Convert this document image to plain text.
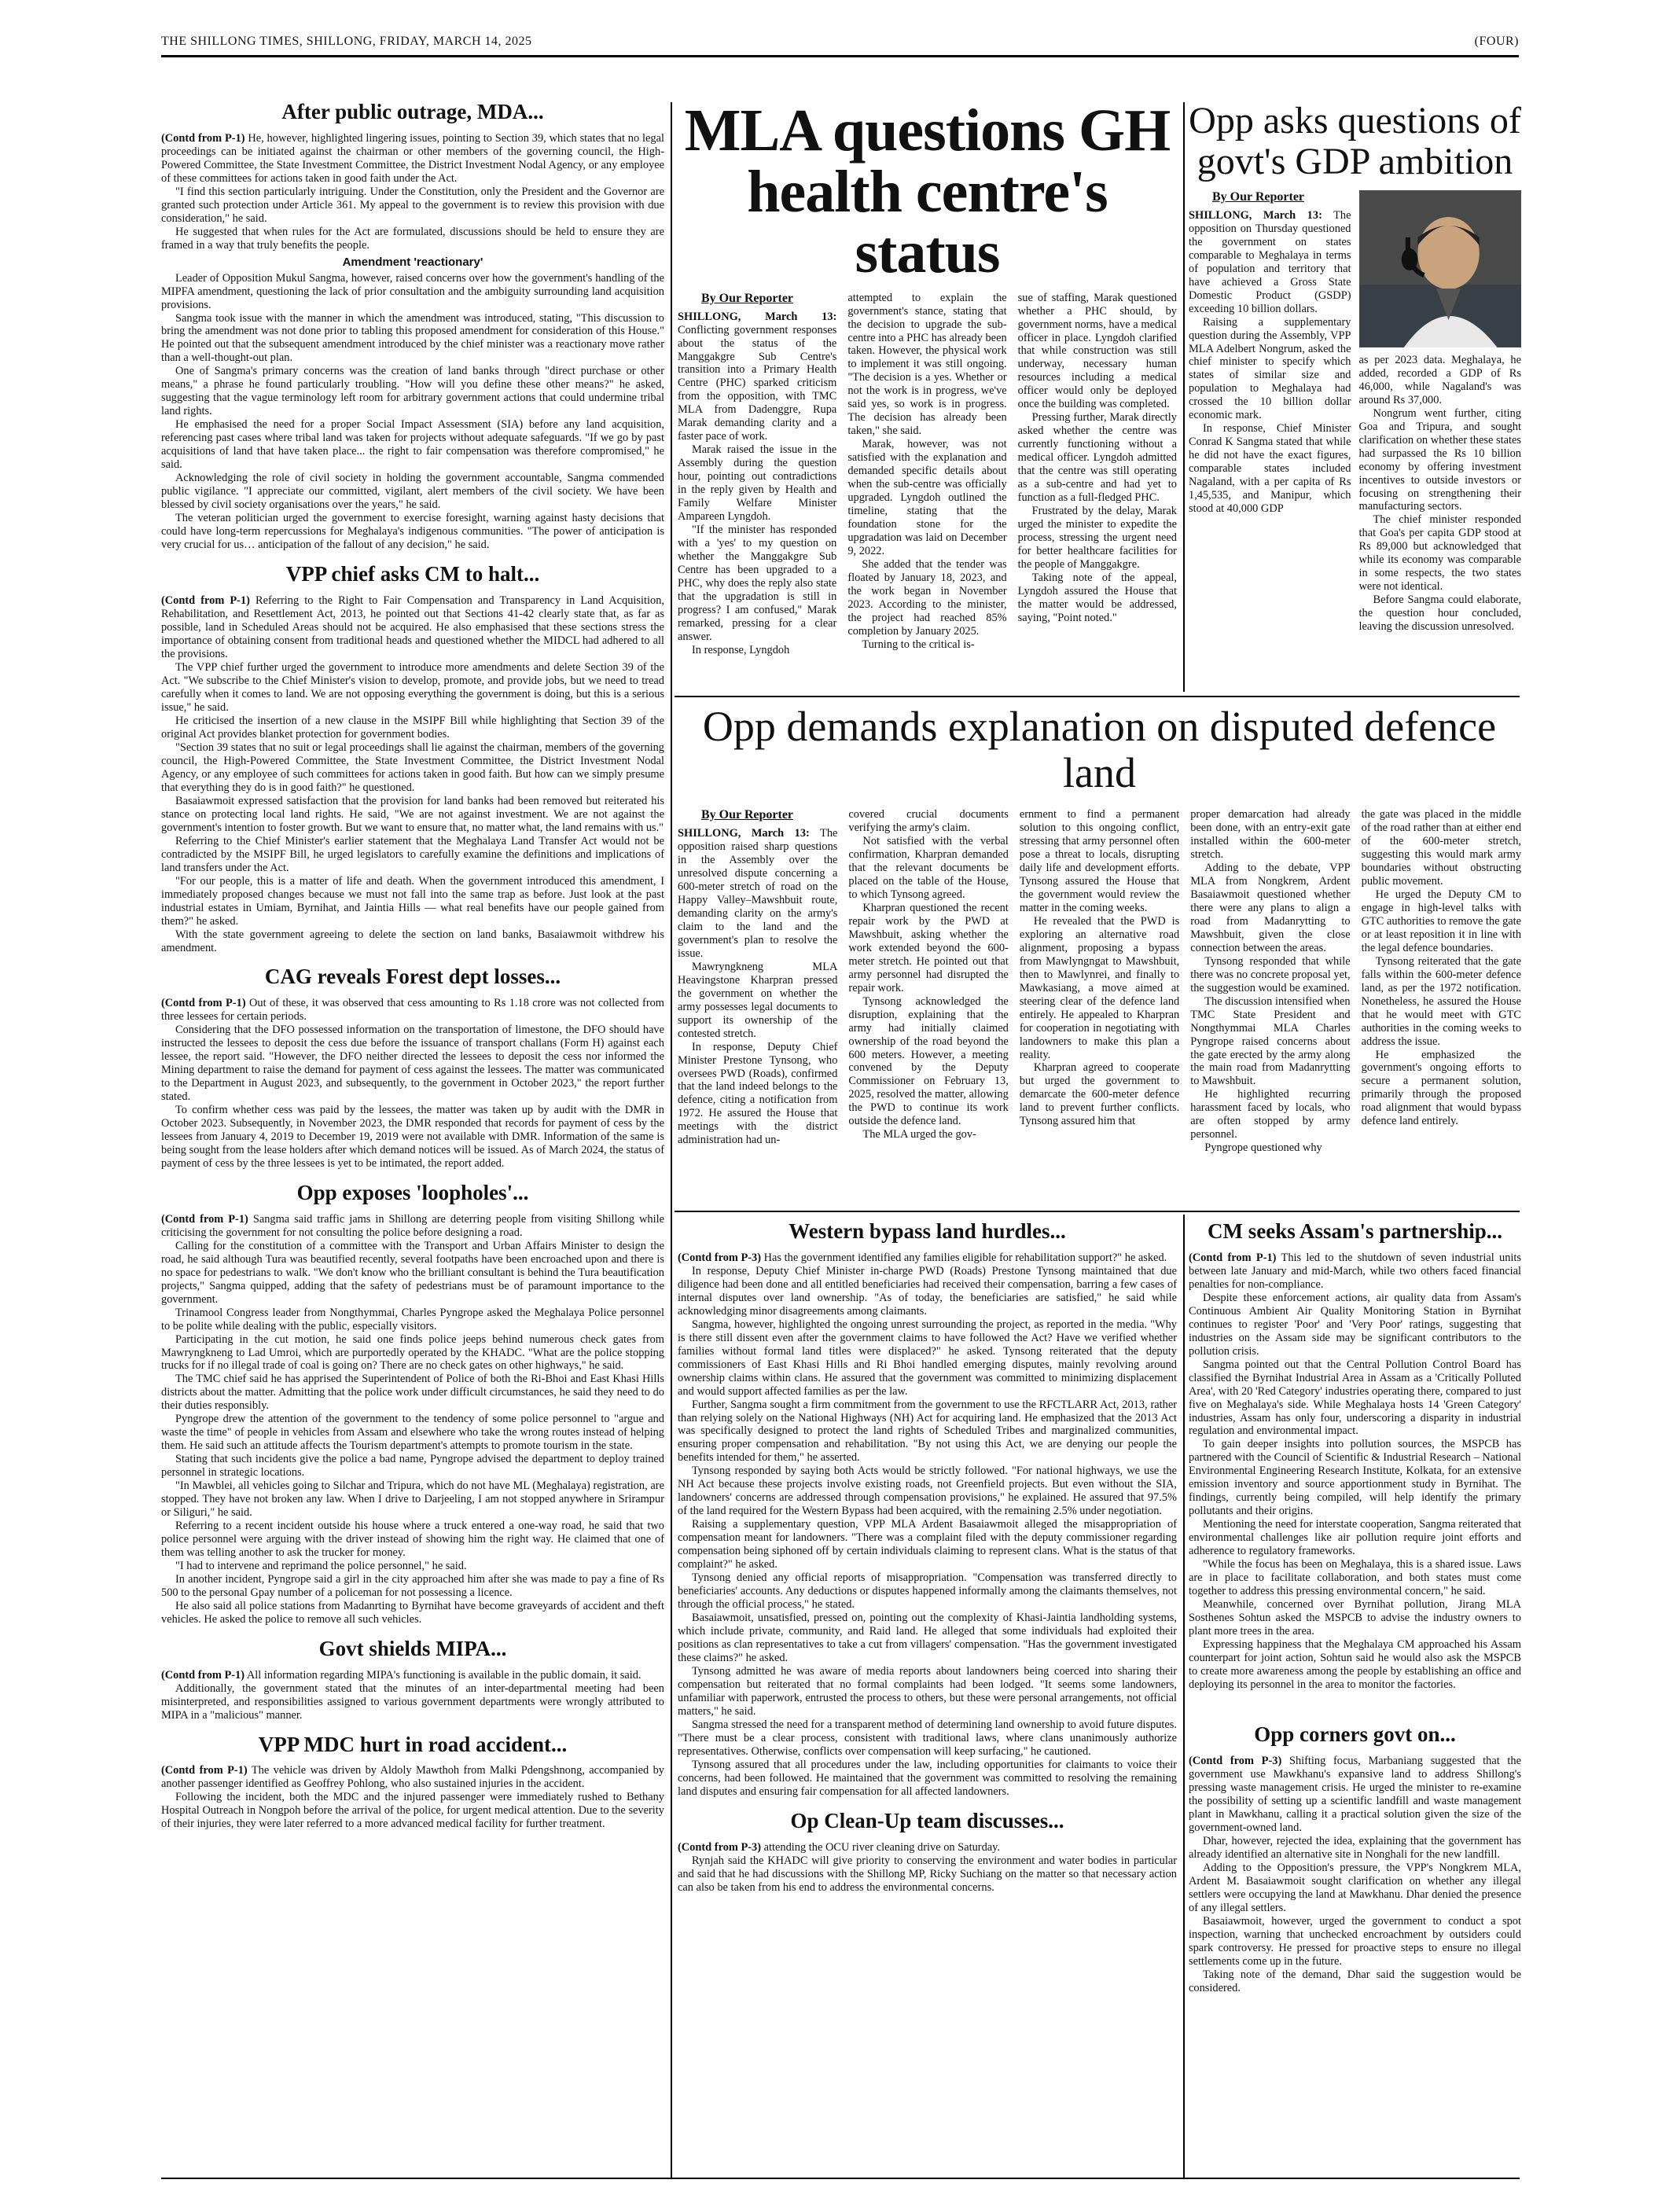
THE SHILLONG TIMES, SHILLONG, FRIDAY, MARCH 14, 2025	(FOUR)
After public outrage, MDA...

(Contd from P-1) He, however, highlighted lingering issues, pointing to Section 39, which states that no legal proceedings can be initiated against the chairman or other members of the governing council, the High-Powered Committee, the State Investment Committee, the District Investment Nodal Agency, or any employee of these committees for actions taken in good faith under the Act.

"I find this section particularly intriguing. Under the Constitution, only the President and the Governor are granted such protection under Article 361. My appeal to the government is to review this provision with due consideration," he said.

He suggested that when rules for the Act are formulated, discussions should be held to ensure they are framed in a way that truly benefits the people.

Amendment 'reactionary'

Leader of Opposition Mukul Sangma, however, raised concerns over how the government's handling of the MIPFA amendment, questioning the lack of prior consultation and the ambiguity surrounding land acquisition provisions.

Sangma took issue with the manner in which the amendment was introduced, stating, "This discussion to bring the amendment was not done prior to tabling this proposed amendment for consideration of this House." He pointed out that the subsequent amendment introduced by the chief minister was a reactionary move rather than a well-thought-out plan.

One of Sangma's primary concerns was the creation of land banks through "direct purchase or other means," a phrase he found particularly troubling. "How will you define these other means?" he asked, suggesting that the vague terminology left room for arbitrary government actions that could undermine tribal land rights.

He emphasised the need for a proper Social Impact Assessment (SIA) before any land acquisition, referencing past cases where tribal land was taken for projects without adequate safeguards. "If we go by past acquisitions of land that have taken place... the right to fair compensation was therefore compromised," he said.

Acknowledging the role of civil society in holding the government accountable, Sangma commended public vigilance. "I appreciate our committed, vigilant, alert members of the civil society. We have been blessed by civil society organisations over the years," he said.

The veteran politician urged the government to exercise foresight, warning against hasty decisions that could have long-term repercussions for Meghalaya's indigenous communities. "The power of anticipation is very crucial for us… anticipation of the fallout of any decision," he said.

VPP chief asks CM to halt...

(Contd from P-1) Referring to the Right to Fair Compensation and Transparency in Land Acquisition, Rehabilitation, and Resettlement Act, 2013, he pointed out that Sections 41-42 clearly state that, as far as possible, land in Scheduled Areas should not be acquired. He also emphasised that these sections stress the importance of obtaining consent from traditional heads and questioned whether the MIDCL had adhered to all the provisions.

The VPP chief further urged the government to introduce more amendments and delete Section 39 of the Act. "We subscribe to the Chief Minister's vision to develop, promote, and provide jobs, but we need to tread carefully when it comes to land. We are not opposing everything the government is doing, but this is a serious issue," he said.

He criticised the insertion of a new clause in the MSIPF Bill while highlighting that Section 39 of the original Act provides blanket protection for government bodies.

"Section 39 states that no suit or legal proceedings shall lie against the chairman, members of the governing council, the High-Powered Committee, the State Investment Committee, the District Investment Nodal Agency, or any employee of such committees for actions taken in good faith. But how can we simply presume that everything they do is in good faith?" he questioned.

Basaiawmoit expressed satisfaction that the provision for land banks had been removed but reiterated his stance on protecting local land rights. He said, "We are not against investment. We are not against the government's intention to foster growth. But we want to ensure that, no matter what, the land remains with us."

Referring to the Chief Minister's earlier statement that the Meghalaya Land Transfer Act would not be contradicted by the MSIPF Bill, he urged legislators to carefully examine the definitions and implications of land transfers under the Act.

"For our people, this is a matter of life and death. When the government introduced this amendment, I immediately proposed changes because we must not fall into the same trap as before. Just look at the past industrial estates in Umiam, Byrnihat, and Jaintia Hills — what real benefits have our people gained from them?" he asked.

With the state government agreeing to delete the section on land banks, Basaiawmoit withdrew his amendment.

CAG reveals Forest dept losses...

(Contd from P-1) Out of these, it was observed that cess amounting to Rs 1.18 crore was not collected from three lessees for certain periods.

Considering that the DFO possessed information on the transportation of limestone, the DFO should have instructed the lessees to deposit the cess due before the issuance of transport challans (Form H) against each lessee, the report said. "However, the DFO neither directed the lessees to deposit the cess nor informed the Mining department to raise the demand for payment of cess against the lessees. The matter was communicated to the Department in August 2023, and subsequently, to the government in October 2023," the report further stated.

To confirm whether cess was paid by the lessees, the matter was taken up by audit with the DMR in October 2023. Subsequently, in November 2023, the DMR responded that records for payment of cess by the lessees from January 4, 2019 to December 19, 2019 were not available with DMR. Information of the same is being sought from the lease holders after which demand notices will be issued. As of March 2024, the status of payment of cess by the three lessees is yet to be intimated, the report added.

Opp exposes 'loopholes'...

(Contd from P-1) Sangma said traffic jams in Shillong are deterring people from visiting Shillong while criticising the government for not consulting the police before designing a road.

Calling for the constitution of a committee with the Transport and Urban Affairs Minister to design the road, he said although Tura was beautified recently, several footpaths have been encroached upon and there is no space for pedestrians to walk. "We don't know who the brilliant consultant is behind the Tura beautification projects," Sangma quipped, adding that the safety of pedestrians must be of paramount importance to the government.

Trinamool Congress leader from Nongthymmai, Charles Pyngrope asked the Meghalaya Police personnel to be polite while dealing with the public, especially visitors.

Participating in the cut motion, he said one finds police jeeps behind numerous check gates from Mawryngkneng to Lad Umroi, which are purportedly operated by the KHADC. "What are the police stopping trucks for if no illegal trade of coal is going on? There are no check gates on other highways," he said.

The TMC chief said he has apprised the Superintendent of Police of both the Ri-Bhoi and East Khasi Hills districts about the matter. Admitting that the police work under difficult circumstances, he said they need to do their duties responsibly.

Pyngrope drew the attention of the government to the tendency of some police personnel to "argue and waste the time" of people in vehicles from Assam and elsewhere who take the wrong routes instead of helping them. He said such an attitude affects the Tourism department's attempts to promote tourism in the state.

Stating that such incidents give the police a bad name, Pyngrope advised the department to deploy trained personnel in strategic locations.

"In Mawblei, all vehicles going to Silchar and Tripura, which do not have ML (Meghalaya) registration, are stopped. They have not broken any law. When I drive to Darjeeling, I am not stopped anywhere in Srirampur or Siliguri," he said.

Referring to a recent incident outside his house where a truck entered a one-way road, he said that two police personnel were arguing with the driver instead of showing him the right way. He claimed that one of them was telling another to ask the trucker for money.

"I had to intervene and reprimand the police personnel," he said.

In another incident, Pyngrope said a girl in the city approached him after she was made to pay a fine of Rs 500 to the personal Gpay number of a policeman for not possessing a licence.

He also said all police stations from Madanrting to Byrnihat have become graveyards of accident and theft vehicles. He asked the police to remove all such vehicles.

Govt shields MIPA...

(Contd from P-1) All information regarding MIPA's functioning is available in the public domain, it said.

Additionally, the government stated that the minutes of an inter-departmental meeting had been misinterpreted, and responsibilities assigned to various government departments were wrongly attributed to MIPA in a "malicious" manner.

VPP MDC hurt in road accident...

(Contd from P-1) The vehicle was driven by Aldoly Mawthoh from Malki Pdengshnong, accompanied by another passenger identified as Geoffrey Pohlong, who also sustained injuries in the accident.

Following the incident, both the MDC and the injured passenger were immediately rushed to Bethany Hospital Outreach in Nongpoh before the arrival of the police, for urgent medical attention. Due to the severity of their injuries, they were later referred to a more advanced medical facility for further treatment.

MLA questions GH health centre's status
By Our Reporter

SHILLONG, March 13: Conflicting government responses about the status of the Manggakgre Sub Centre's transition into a Primary Health Centre (PHC) sparked criticism from the opposition, with TMC MLA from Dadenggre, Rupa Marak demanding clarity and a faster pace of work.

Marak raised the issue in the Assembly during the question hour, pointing out contradictions in the reply given by Health and Family Welfare Minister Ampareen Lyngdoh.

"If the minister has responded with a 'yes' to my question on whether the Manggakgre Sub Centre has been upgraded to a PHC, why does the reply also state that the upgradation is still in progress? I am confused," Marak remarked, pressing for a clear answer.

In response, Lyngdoh

attempted to explain the government's stance, stating that the decision to upgrade the sub-centre into a PHC has already been taken. However, the physical work to implement it was still ongoing. "The decision is a yes. Whether or not the work is in progress, we've said yes, so work is in progress. The decision has already been taken," she said.

Marak, however, was not satisfied with the explanation and demanded specific details about when the sub-centre was officially upgraded. Lyngdoh outlined the timeline, stating that the foundation stone for the upgradation was laid on December 9, 2022.

She added that the tender was floated by January 18, 2023, and the work began in November 2023. According to the minister, the project had reached 85% completion by January 2025.

Turning to the critical is-

sue of staffing, Marak questioned whether a PHC should, by government norms, have a medical officer in place. Lyngdoh clarified that while construction was still underway, necessary human resources including a medical officer would only be deployed once the building was completed.

Pressing further, Marak directly asked whether the centre was currently functioning without a medical officer. Lyngdoh admitted that the centre was still operating as a sub-centre and had yet to function as a full-fledged PHC.

Frustrated by the delay, Marak urged the minister to expedite the process, stressing the urgent need for better healthcare facilities for the people of Manggakgre.

Taking note of the appeal, Lyngdoh assured the House that the matter would be addressed, saying, "Point noted."

Opp asks questions of govt's GDP ambition
By Our Reporter

SHILLONG, March 13: The opposition on Thursday questioned the government on states comparable to Meghalaya in terms of population and territory that have achieved a Gross State Domestic Product (GSDP) exceeding 10 billion dollars.

Raising a supplementary question during the Assembly, VPP MLA Adelbert Nongrum, asked the chief minister to specify which states of similar size and population to Meghalaya had crossed the 10 billion dollar economic mark.

In response, Chief Minister Conrad K Sangma stated that while he did not have the exact figures, comparable states included Nagaland, with a per capita of Rs 1,45,535, and Manipur, which stood at 40,000 GDP

as per 2023 data. Meghalaya, he added, recorded a GDP of Rs 46,000, while Nagaland's was around Rs 37,000.

Nongrum went further, citing Goa and Tripura, and sought clarification on whether these states had surpassed the Rs 10 billion economy by offering investment incentives to outside investors or focusing on strengthening their manufacturing sectors.

The chief minister responded that Goa's per capita GDP stood at Rs 89,000 but acknowledged that while its economy was comparable in some respects, the two states were not identical.

Before Sangma could elaborate, the question hour concluded, leaving the discussion unresolved.

Opp demands explanation on disputed defence land
By Our Reporter

SHILLONG, March 13: The opposition raised sharp questions in the Assembly over the unresolved dispute concerning a 600-meter stretch of road on the Happy Valley–Mawshbuit route, demanding clarity on the army's claim to the land and the government's plan to resolve the issue.

Mawryngkneng MLA Heavingstone Kharpran pressed the government on whether the army possesses legal documents to support its ownership of the contested stretch.

In response, Deputy Chief Minister Prestone Tynsong, who oversees PWD (Roads), confirmed that the land indeed belongs to the defence, citing a notification from 1972. He assured the House that meetings with the district administration had un-

covered crucial documents verifying the army's claim.

Not satisfied with the verbal confirmation, Kharpran demanded that the relevant documents be placed on the table of the House, to which Tynsong agreed.

Kharpran questioned the recent repair work by the PWD at Mawshbuit, asking whether the work extended beyond the 600-meter stretch. He pointed out that army personnel had disrupted the repair work.

Tynsong acknowledged the disruption, explaining that the army had initially claimed ownership of the road beyond the 600 meters. However, a meeting convened by the Deputy Commissioner on February 13, 2025, resolved the matter, allowing the PWD to continue its work outside the defence land.

The MLA urged the gov-

ernment to find a permanent solution to this ongoing conflict, stressing that army personnel often pose a threat to locals, disrupting daily life and development efforts. Tynsong assured the House that the government would review the matter in the coming weeks.

He revealed that the PWD is exploring an alternative road alignment, proposing a bypass from Mawlyngngat to Mawshbuit, then to Mawlynrei, and finally to Mawkasiang, a move aimed at steering clear of the defence land entirely. He appealed to Kharpran for cooperation in negotiating with landowners to make this plan a reality.

Kharpran agreed to cooperate but urged the government to demarcate the 600-meter defence land to prevent further conflicts. Tynsong assured him that

proper demarcation had already been done, with an entry-exit gate installed within the 600-meter stretch.

Adding to the debate, VPP MLA from Nongkrem, Ardent Basaiawmoit questioned whether there were any plans to align a road from Madanrytting to Mawshbuit, given the close connection between the areas.

Tynsong responded that while there was no concrete proposal yet, the suggestion would be examined.

The discussion intensified when TMC State President and Nongthymmai MLA Charles Pyngrope raised concerns about the gate erected by the army along the main road from Madanrytting to Mawshbuit.

He highlighted recurring harassment faced by locals, who are often stopped by army personnel.

Pyngrope questioned why

the gate was placed in the middle of the road rather than at either end of the 600-meter stretch, suggesting this would mark army boundaries without obstructing public movement.

He urged the Deputy CM to engage in high-level talks with GTC authorities to remove the gate or at least reposition it in line with the legal defence boundaries.

Tynsong reiterated that the gate falls within the 600-meter defence land, as per the 1972 notification. Nonetheless, he assured the House that he would meet with GTC authorities in the coming weeks to address the issue.

He emphasized the government's ongoing efforts to secure a permanent solution, primarily through the proposed road alignment that would bypass defence land entirely.

Western bypass land hurdles...

(Contd from P-3) Has the government identified any families eligible for rehabilitation support?" he asked.

In response, Deputy Chief Minister in-charge PWD (Roads) Prestone Tynsong maintained that due diligence had been done and all entitled beneficiaries had received their compensation, barring a few cases of internal disputes over land ownership. "As of today, the beneficiaries are satisfied," he said while acknowledging minor disagreements among claimants.

Sangma, however, highlighted the ongoing unrest surrounding the project, as reported in the media. "Why is there still dissent even after the government claims to have followed the Act? Have we verified whether families without formal land titles were displaced?" he asked. Tynsong reiterated that the deputy commissioners of East Khasi Hills and Ri Bhoi handled emerging disputes, mainly revolving around ownership claims within clans. He assured that the government was committed to minimizing displacement and would support affected families as per the law.

Further, Sangma sought a firm commitment from the government to use the RFCTLARR Act, 2013, rather than relying solely on the National Highways (NH) Act for acquiring land. He emphasized that the 2013 Act was specifically designed to protect the land rights of Scheduled Tribes and marginalized communities, ensuring proper compensation and rehabilitation. "By not using this Act, we are denying our people the benefits intended for them," he asserted.

Tynsong responded by saying both Acts would be strictly followed. "For national highways, we use the NH Act because these projects involve existing roads, not Greenfield projects. But even without the SIA, landowners' concerns are addressed through compensation provisions," he explained. He assured that 97.5% of the land required for the Western Bypass had been acquired, with the remaining 2.5% under negotiation.

Raising a supplementary question, VPP MLA Ardent Basaiawmoit alleged the misappropriation of compensation meant for landowners. "There was a complaint filed with the deputy commissioner regarding compensation being siphoned off by certain individuals claiming to represent clans. What is the status of that complaint?" he asked.

Tynsong denied any official reports of misappropriation. "Compensation was transferred directly to beneficiaries' accounts. Any deductions or disputes happened informally among the claimants themselves, not through the official process," he stated.

Basaiawmoit, unsatisfied, pressed on, pointing out the complexity of Khasi-Jaintia landholding systems, which include private, community, and Raid land. He alleged that some individuals had exploited their positions as clan representatives to take a cut from villagers' compensation. "Has the government investigated these claims?" he asked.

Tynsong admitted he was aware of media reports about landowners being coerced into sharing their compensation but reiterated that no formal complaints had been lodged. "It seems some landowners, unfamiliar with paperwork, entrusted the process to others, but these were personal arrangements, not official matters," he said.

Sangma stressed the need for a transparent method of determining land ownership to avoid future disputes. "There must be a clear process, consistent with traditional laws, where clans unanimously authorize representatives. Otherwise, conflicts over compensation will keep surfacing," he cautioned.

Tynsong assured that all procedures under the law, including opportunities for claimants to voice their concerns, had been followed. He maintained that the government was committed to resolving the remaining land disputes and ensuring fair compensation for all affected landowners.

Op Clean-Up team discusses...

(Contd from P-3) attending the OCU river cleaning drive on Saturday.

Rynjah said the KHADC will give priority to conserving the environment and water bodies in particular and said that he had discussions with the Shillong MP, Ricky Suchiang on the matter so that necessary action can also be taken from his end to address the environmental concerns.

CM seeks Assam's partnership...

(Contd from P-1) This led to the shutdown of seven industrial units between late January and mid-March, while two others faced financial penalties for non-compliance.

Despite these enforcement actions, air quality data from Assam's Continuous Ambient Air Quality Monitoring Station in Byrnihat continues to register 'Poor' and 'Very Poor' ratings, suggesting that industries on the Assam side may be significant contributors to the pollution crisis.

Sangma pointed out that the Central Pollution Control Board has classified the Byrnihat Industrial Area in Assam as a 'Critically Polluted Area', with 20 'Red Category' industries operating there, compared to just five on Meghalaya's side. While Meghalaya hosts 14 'Green Category' industries, Assam has only four, underscoring a disparity in industrial regulation and environmental impact.

To gain deeper insights into pollution sources, the MSPCB has partnered with the Council of Scientific & Industrial Research – National Environmental Engineering Research Institute, Kolkata, for an extensive emission inventory and source apportionment study in Byrnihat. The findings, currently being compiled, will help identify the primary pollutants and their origins.

Mentioning the need for interstate cooperation, Sangma reiterated that environmental challenges like air pollution require joint efforts and adherence to regulatory frameworks.

"While the focus has been on Meghalaya, this is a shared issue. Laws are in place to facilitate collaboration, and both states must come together to address this pressing environmental concern," he said.

Meanwhile, concerned over Byrnihat pollution, Jirang MLA Sosthenes Sohtun asked the MSPCB to advise the industry owners to plant more trees in the area.

Expressing happiness that the Meghalaya CM approached his Assam counterpart for joint action, Sohtun said he would also ask the MSPCB to create more awareness among the people by establishing an office and deploying its personnel in the area to monitor the factories.

Opp corners govt on...

(Contd from P-3) Shifting focus, Marbaniang suggested that the government use Mawkhanu's expansive land to address Shillong's pressing waste management crisis. He urged the minister to re-examine the possibility of setting up a scientific landfill and waste management plant in Mawkhanu, calling it a practical solution given the size of the government-owned land.

Dhar, however, rejected the idea, explaining that the government has already identified an alternative site in Nonghali for the new landfill.

Adding to the Opposition's pressure, the VPP's Nongkrem MLA, Ardent M. Basaiawmoit sought clarification on whether any illegal settlers were occupying the land at Mawkhanu. Dhar denied the presence of any illegal settlers.

Basaiawmoit, however, urged the government to conduct a spot inspection, warning that unchecked encroachment by outsiders could spark controversy. He pressed for proactive steps to ensure no illegal settlements come up in the future.

Taking note of the demand, Dhar said the suggestion would be considered.
